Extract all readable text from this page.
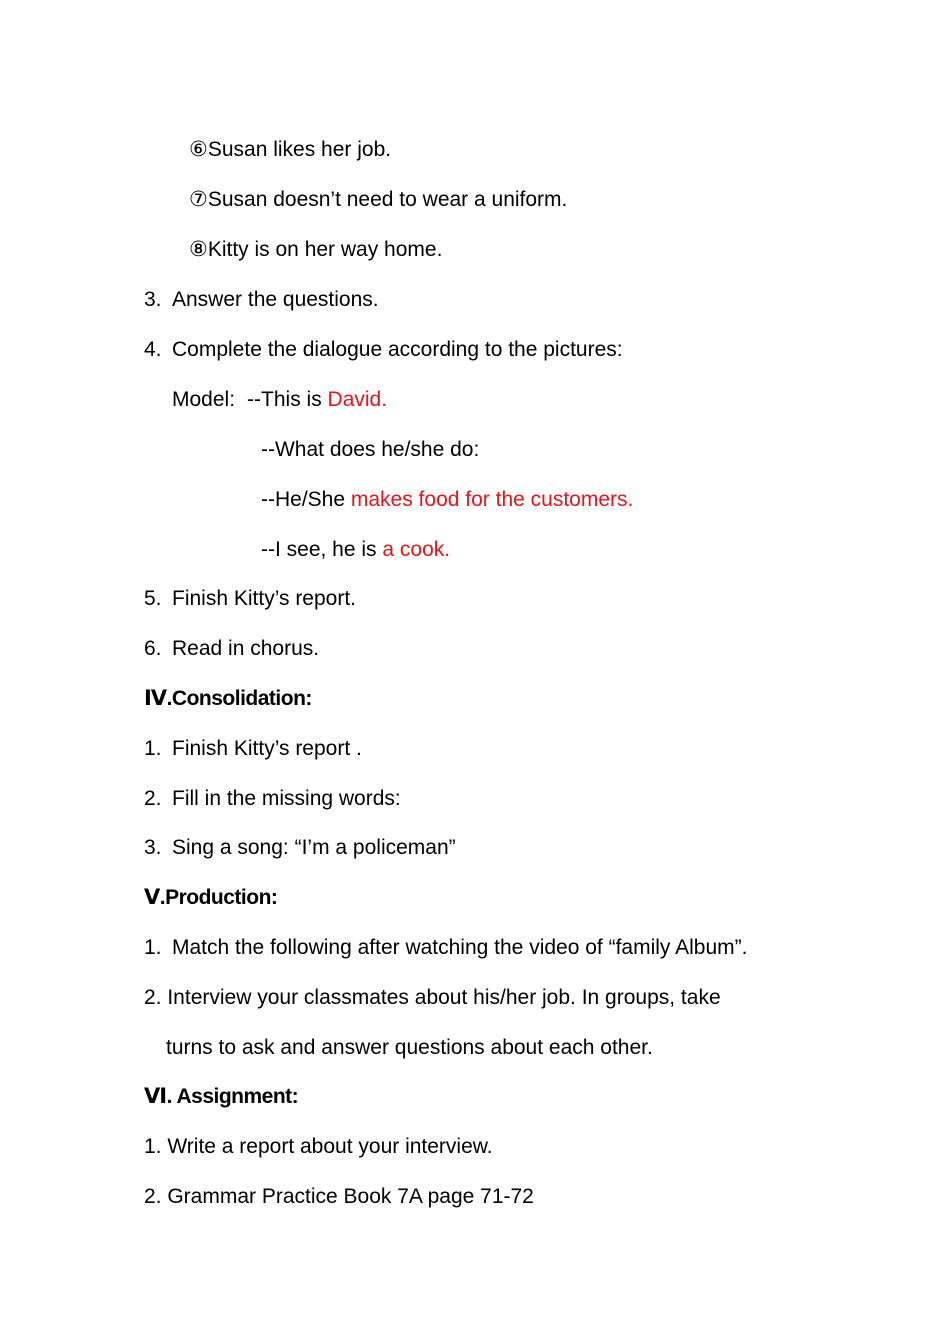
⑥Susan likes her job.
⑦Susan doesn’t need to wear a uniform.
⑧Kitty is on her way home.
3. Answer the questions.
4. Complete the dialogue according to the pictures:
Model: --This is David.
--What does he/she do:
--He/She makes food for the customers.
--I see, he is a cook.
5. Finish Kitty’s report.
6. Read in chorus.
Ⅳ.Consolidation:
1. Finish Kitty’s report .
2. Fill in the missing words:
3. Sing a song: “I’m a policeman”
Ⅴ.Production:
1. Match the following after watching the video of “family Album”.
2. Interview your classmates about his/her job. In groups, take
turns to ask and answer questions about each other.
Ⅵ. Assignment:
1. Write a report about your interview.
2. Grammar Practice Book 7A page 71-72
